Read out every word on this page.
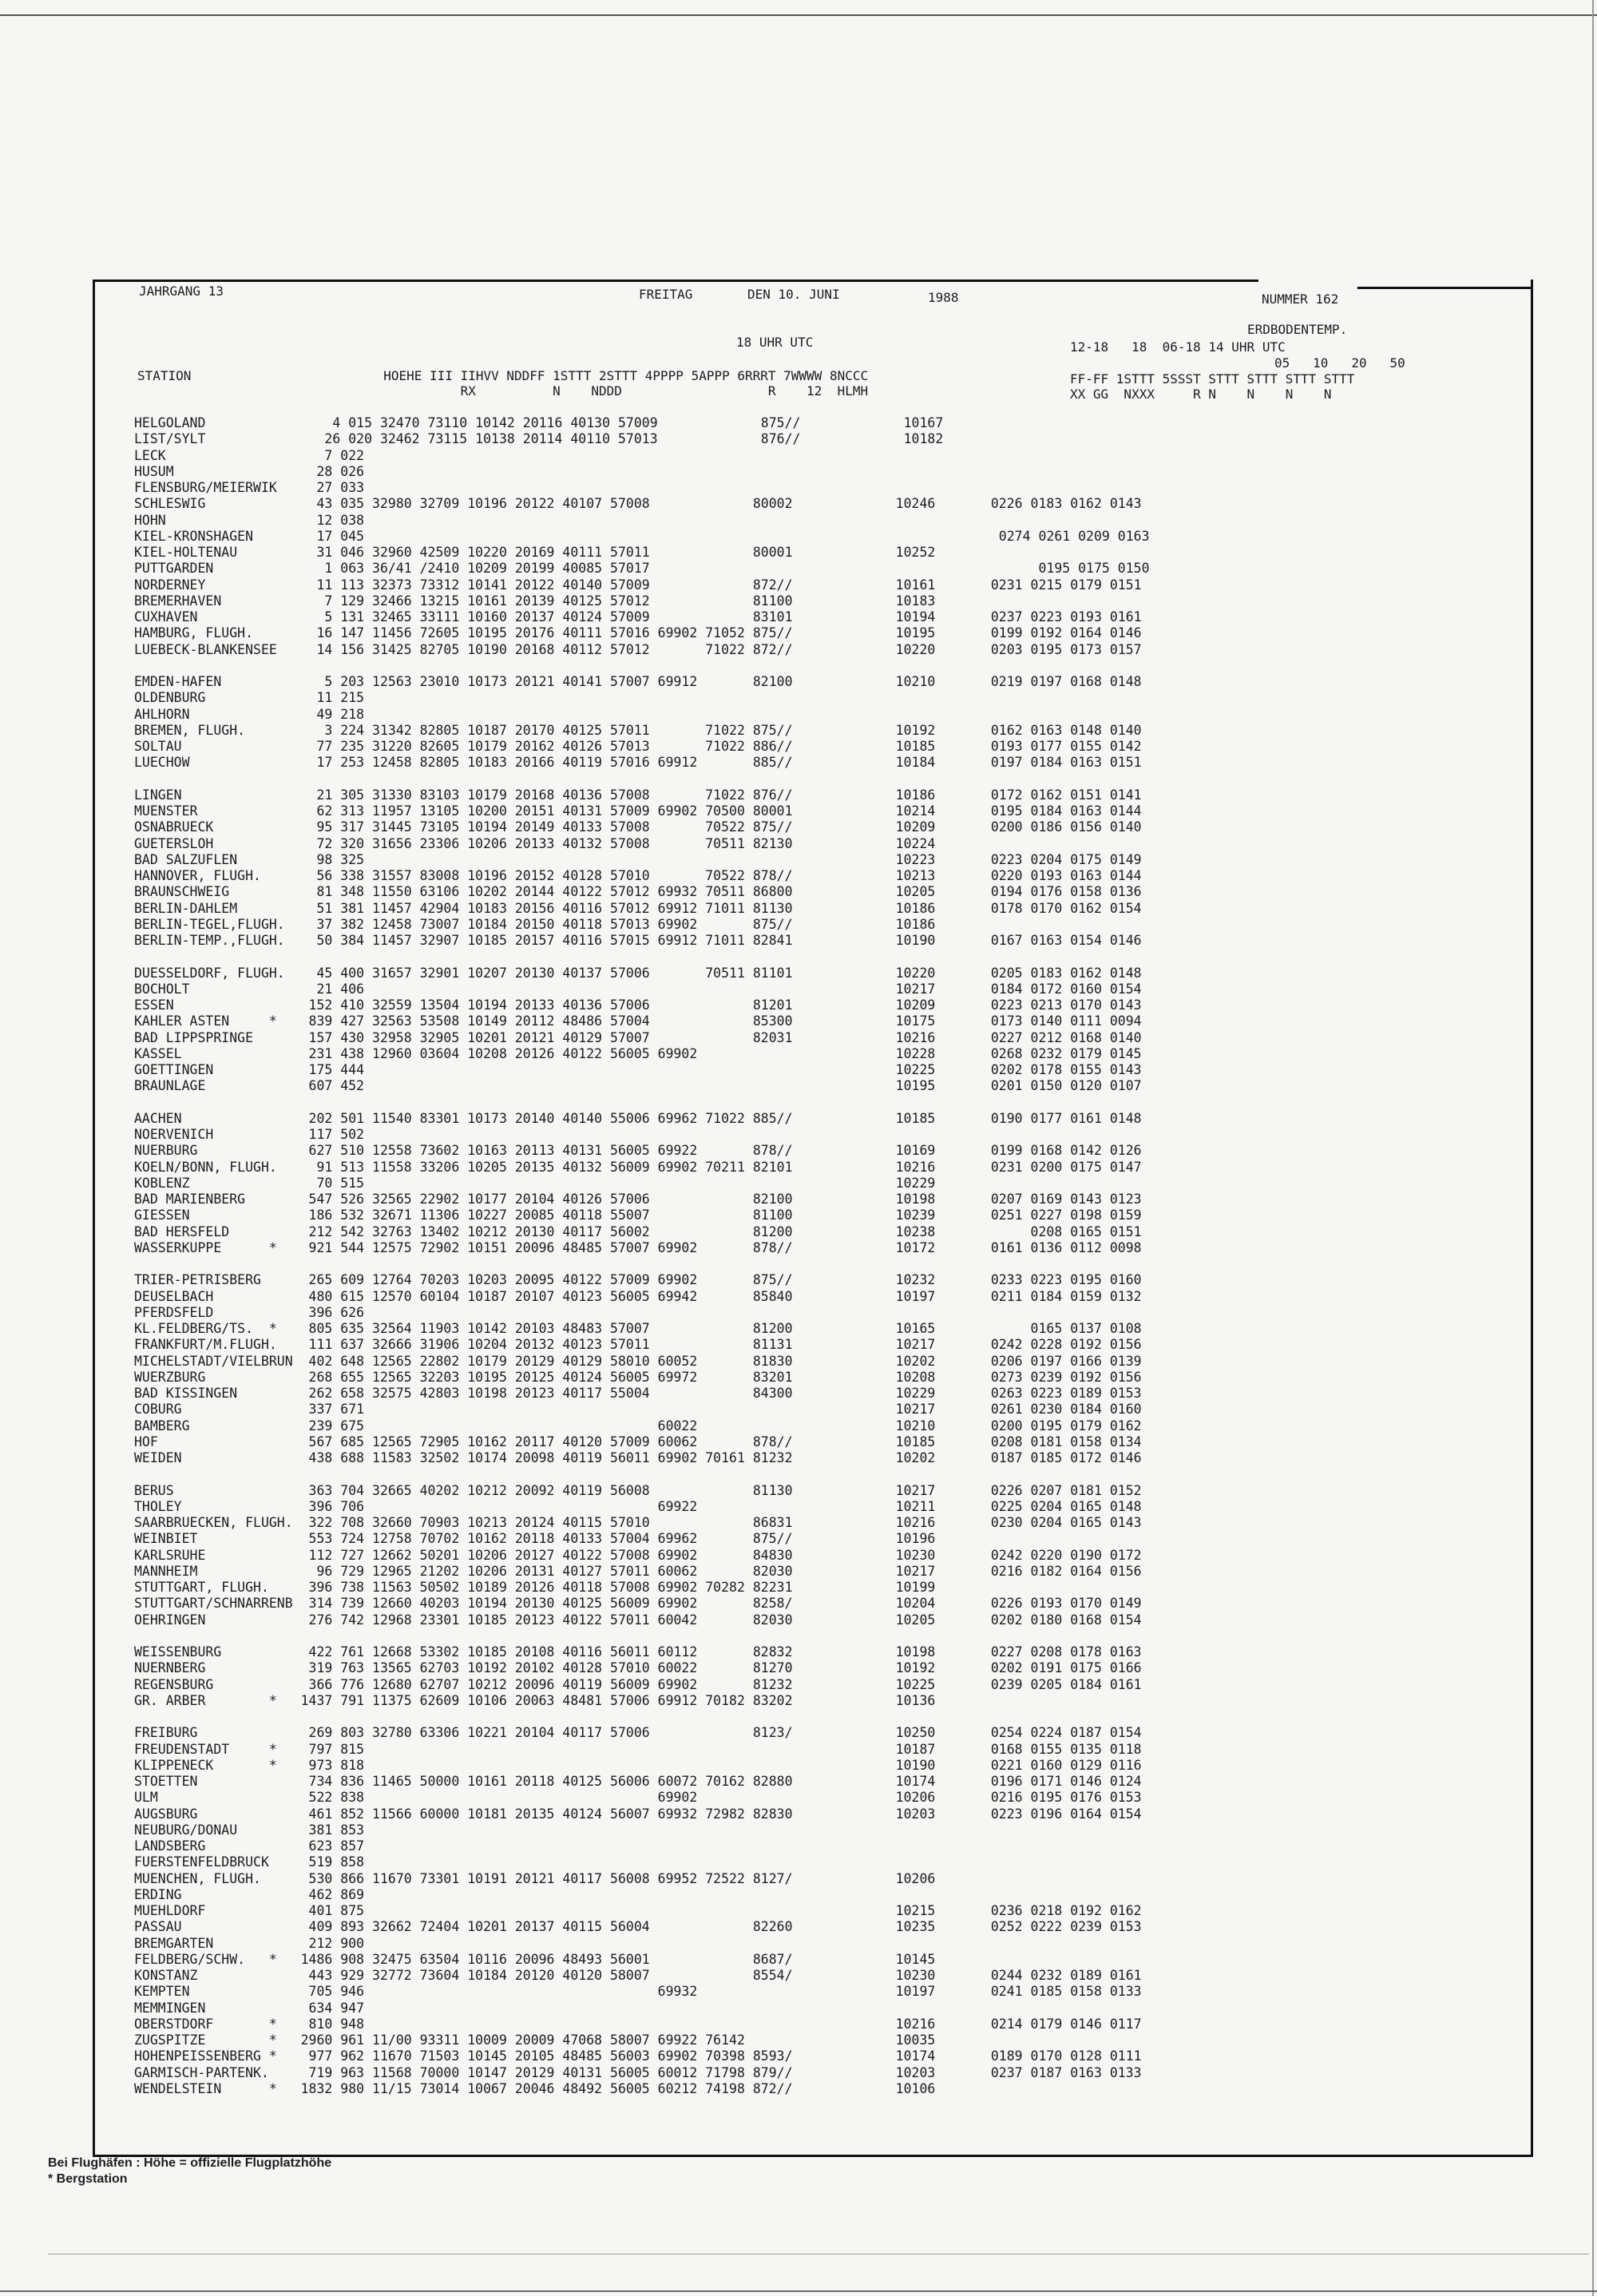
JAHRGANG 13	FREITAG	DEN 10. JUNI	1988	NUMMER 162
18 UHR UTC
ERDBODENTEMP.
12-18   18  06-18 14 UHR UTC
05   10   20   50
STATION                         HOEHE III IIHVV NDDFF 1STTT 2STTT 4PPPP 5APPP 6RRRT 7WWWW 8NCCC	FF-FF 1STTT 5SSST STTT STTT STTT STTT
RX          N    NDDD                   R    12  HLMH	XX GG  NXXX     R N    N    N    N
HELGOLAND                4 015 32470 73110 10142 20116 40130 57009             875//             10167
LIST/SYLT               26 020 32462 73115 10138 20114 40110 57013             876//             10182
LECK                    7 022
HUSUM                  28 026
FLENSBURG/MEIERWIK     27 033
SCHLESWIG              43 035 32980 32709 10196 20122 40107 57008             80002             10246       0226 0183 0162 0143
HOHN                   12 038
KIEL-KRONSHAGEN        17 045                                                                                0274 0261 0209 0163
KIEL-HOLTENAU          31 046 32960 42509 10220 20169 40111 57011             80001             10252
PUTTGARDEN              1 063 36/41 /2410 10209 20199 40085 57017                                                 0195 0175 0150
NORDERNEY              11 113 32373 73312 10141 20122 40140 57009             872//             10161       0231 0215 0179 0151
BREMERHAVEN             7 129 32466 13215 10161 20139 40125 57012             81100             10183
CUXHAVEN                5 131 32465 33111 10160 20137 40124 57009             83101             10194       0237 0223 0193 0161
HAMBURG, FLUGH.        16 147 11456 72605 10195 20176 40111 57016 69902 71052 875//             10195       0199 0192 0164 0146
LUEBECK-BLANKENSEE     14 156 31425 82705 10190 20168 40112 57012       71022 872//             10220       0203 0195 0173 0157
EMDEN-HAFEN             5 203 12563 23010 10173 20121 40141 57007 69912       82100             10210       0219 0197 0168 0148
OLDENBURG              11 215
AHLHORN                49 218
BREMEN, FLUGH.          3 224 31342 82805 10187 20170 40125 57011       71022 875//             10192       0162 0163 0148 0140
SOLTAU                 77 235 31220 82605 10179 20162 40126 57013       71022 886//             10185       0193 0177 0155 0142
LUECHOW                17 253 12458 82805 10183 20166 40119 57016 69912       885//             10184       0197 0184 0163 0151
LINGEN                 21 305 31330 83103 10179 20168 40136 57008       71022 876//             10186       0172 0162 0151 0141
MUENSTER               62 313 11957 13105 10200 20151 40131 57009 69902 70500 80001             10214       0195 0184 0163 0144
OSNABRUECK             95 317 31445 73105 10194 20149 40133 57008       70522 875//             10209       0200 0186 0156 0140
GUETERSLOH             72 320 31656 23306 10206 20133 40132 57008       70511 82130             10224
BAD SALZUFLEN          98 325                                                                   10223       0223 0204 0175 0149
HANNOVER, FLUGH.       56 338 31557 83008 10196 20152 40128 57010       70522 878//             10213       0220 0193 0163 0144
BRAUNSCHWEIG           81 348 11550 63106 10202 20144 40122 57012 69932 70511 86800             10205       0194 0176 0158 0136
BERLIN-DAHLEM          51 381 11457 42904 10183 20156 40116 57012 69912 71011 81130             10186       0178 0170 0162 0154
BERLIN-TEGEL,FLUGH.    37 382 12458 73007 10184 20150 40118 57013 69902       875//             10186
BERLIN-TEMP.,FLUGH.    50 384 11457 32907 10185 20157 40116 57015 69912 71011 82841             10190       0167 0163 0154 0146
DUESSELDORF, FLUGH.    45 400 31657 32901 10207 20130 40137 57006       70511 81101             10220       0205 0183 0162 0148
BOCHOLT                21 406                                                                   10217       0184 0172 0160 0154
ESSEN                 152 410 32559 13504 10194 20133 40136 57006             81201             10209       0223 0213 0170 0143
KAHLER ASTEN     *    839 427 32563 53508 10149 20112 48486 57004             85300             10175       0173 0140 0111 0094
BAD LIPPSPRINGE       157 430 32958 32905 10201 20121 40129 57007             82031             10216       0227 0212 0168 0140
KASSEL                231 438 12960 03604 10208 20126 40122 56005 69902                         10228       0268 0232 0179 0145
GOETTINGEN            175 444                                                                   10225       0202 0178 0155 0143
BRAUNLAGE             607 452                                                                   10195       0201 0150 0120 0107
AACHEN                202 501 11540 83301 10173 20140 40140 55006 69962 71022 885//             10185       0190 0177 0161 0148
NOERVENICH            117 502
NUERBURG              627 510 12558 73602 10163 20113 40131 56005 69922       878//             10169       0199 0168 0142 0126
KOELN/BONN, FLUGH.     91 513 11558 33206 10205 20135 40132 56009 69902 70211 82101             10216       0231 0200 0175 0147
KOBLENZ                70 515                                                                   10229
BAD MARIENBERG        547 526 32565 22902 10177 20104 40126 57006             82100             10198       0207 0169 0143 0123
GIESSEN               186 532 32671 11306 10227 20085 40118 55007             81100             10239       0251 0227 0198 0159
BAD HERSFELD          212 542 32763 13402 10212 20130 40117 56002             81200             10238            0208 0165 0151
WASSERKUPPE      *    921 544 12575 72902 10151 20096 48485 57007 69902       878//             10172       0161 0136 0112 0098
TRIER-PETRISBERG      265 609 12764 70203 10203 20095 40122 57009 69902       875//             10232       0233 0223 0195 0160
DEUSELBACH            480 615 12570 60104 10187 20107 40123 56005 69942       85840             10197       0211 0184 0159 0132
PFERDSFELD            396 626
KL.FELDBERG/TS.  *    805 635 32564 11903 10142 20103 48483 57007             81200             10165            0165 0137 0108
FRANKFURT/M.FLUGH.    111 637 32666 31906 10204 20132 40123 57011             81131             10217       0242 0228 0192 0156
MICHELSTADT/VIELBRUN  402 648 12565 22802 10179 20129 40129 58010 60052       81830             10202       0206 0197 0166 0139
WUERZBURG             268 655 12565 32203 10195 20125 40124 56005 69972       83201             10208       0273 0239 0192 0156
BAD KISSINGEN         262 658 32575 42803 10198 20123 40117 55004             84300             10229       0263 0223 0189 0153
COBURG                337 671                                                                   10217       0261 0230 0184 0160
BAMBERG               239 675                                     60022                         10210       0200 0195 0179 0162
HOF                   567 685 12565 72905 10162 20117 40120 57009 60062       878//             10185       0208 0181 0158 0134
WEIDEN                438 688 11583 32502 10174 20098 40119 56011 69902 70161 81232             10202       0187 0185 0172 0146
BERUS                 363 704 32665 40202 10212 20092 40119 56008             81130             10217       0226 0207 0181 0152
THOLEY                396 706                                     69922                         10211       0225 0204 0165 0148
SAARBRUECKEN, FLUGH.  322 708 32660 70903 10213 20124 40115 57010             86831             10216       0230 0204 0165 0143
WEINBIET              553 724 12758 70702 10162 20118 40133 57004 69962       875//             10196
KARLSRUHE             112 727 12662 50201 10206 20127 40122 57008 69902       84830             10230       0242 0220 0190 0172
MANNHEIM               96 729 12965 21202 10206 20131 40127 57011 60062       82030             10217       0216 0182 0164 0156
STUTTGART, FLUGH.     396 738 11563 50502 10189 20126 40118 57008 69902 70282 82231             10199
STUTTGART/SCHNARRENB  314 739 12660 40203 10194 20130 40125 56009 69902       8258/             10204       0226 0193 0170 0149
OEHRINGEN             276 742 12968 23301 10185 20123 40122 57011 60042       82030             10205       0202 0180 0168 0154
WEISSENBURG           422 761 12668 53302 10185 20108 40116 56011 60112       82832             10198       0227 0208 0178 0163
NUERNBERG             319 763 13565 62703 10192 20102 40128 57010 60022       81270             10192       0202 0191 0175 0166
REGENSBURG            366 776 12680 62707 10212 20096 40119 56009 69902       81232             10225       0239 0205 0184 0161
GR. ARBER        *   1437 791 11375 62609 10106 20063 48481 57006 69912 70182 83202             10136
FREIBURG              269 803 32780 63306 10221 20104 40117 57006             8123/             10250       0254 0224 0187 0154
FREUDENSTADT     *    797 815                                                                   10187       0168 0155 0135 0118
KLIPPENECK       *    973 818                                                                   10190       0221 0160 0129 0116
STOETTEN              734 836 11465 50000 10161 20118 40125 56006 60072 70162 82880             10174       0196 0171 0146 0124
ULM                   522 838                                     69902                         10206       0216 0195 0176 0153
AUGSBURG              461 852 11566 60000 10181 20135 40124 56007 69932 72982 82830             10203       0223 0196 0164 0154
NEUBURG/DONAU         381 853
LANDSBERG             623 857
FUERSTENFELDBRUCK     519 858
MUENCHEN, FLUGH.      530 866 11670 73301 10191 20121 40117 56008 69952 72522 8127/             10206
ERDING                462 869
MUEHLDORF             401 875                                                                   10215       0236 0218 0192 0162
PASSAU                409 893 32662 72404 10201 20137 40115 56004             82260             10235       0252 0222 0239 0153
BREMGARTEN            212 900
FELDBERG/SCHW.   *   1486 908 32475 63504 10116 20096 48493 56001             8687/             10145
KONSTANZ              443 929 32772 73604 10184 20120 40120 58007             8554/             10230       0244 0232 0189 0161
KEMPTEN               705 946                                     69932                         10197       0241 0185 0158 0133
MEMMINGEN             634 947
OBERSTDORF       *    810 948                                                                   10216       0214 0179 0146 0117
ZUGSPITZE        *   2960 961 11/00 93311 10009 20009 47068 58007 69922 76142                   10035
HOHENPEISSENBERG *    977 962 11670 71503 10145 20105 48485 56003 69902 70398 8593/             10174       0189 0170 0128 0111
GARMISCH-PARTENK.     719 963 11568 70000 10147 20129 40131 56005 60012 71798 879//             10203       0237 0187 0163 0133
WENDELSTEIN      *   1832 980 11/15 73014 10067 20046 48492 56005 60212 74198 872//             10106
Bei Flughäfen : Höhe = offizielle Flugplatzhöhe
* Bergstation
